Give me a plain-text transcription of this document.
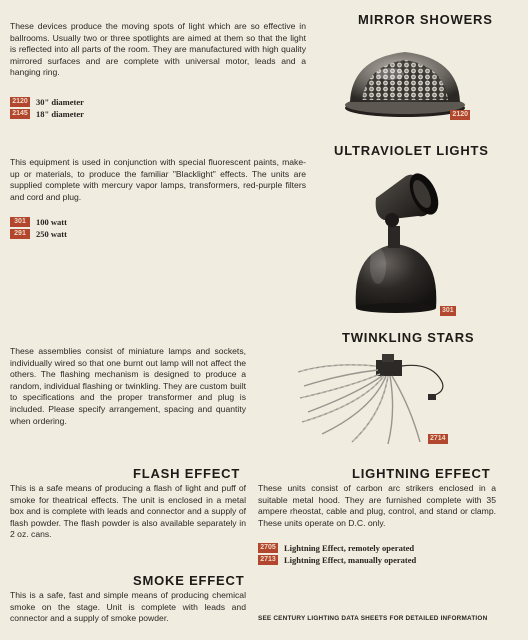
MIRROR SHOWERS

These devices produce the moving spots of light which are so effective in ballrooms. Usually two or three spotlights are aimed at them so that the light is reflected into all parts of the room. They are manufactured with high quality mirrored surfaces and are complete with universal motor, leads and a hanging ring.

2120 30" diameter
2145 18" diameter	2120
ULTRAVIOLET LIGHTS

This equipment is used in conjunction with special fluorescent paints, make-up or materials, to produce the familiar "Blacklight" effects. The units are supplied complete with mercury vapor lamps, transformers, red-purple filters and cord and plug.

301	100 watt
291	250 watt
301
TWINKLING STARS

These assemblies consist of miniature lamps and sockets, individually wired so that one burnt out lamp will not affect the others. The flashing mechanism is designed to produce a random, individual flashing or twinkling. They are custom built to specifications and the proper transformer and plug is included. Please specify arrangement, spacing and quantity when ordering.

2714
FLASH EFFECT

This is a safe means of producing a flash of light and puff of smoke for theatrical effects. The unit is enclosed in a metal box and is complete with leads and connector and a supply of flash powder. The flash powder is also available separately in 2 oz. cans.

LIGHTNING EFFECT

These units consist of carbon arc strikers enclosed in a suitable metal hood. They are furnished complete with 35 ampere rheostat, cable and plug, control, and stand or clamp. These units operate on D.C. only.

2705 Lightning Effect, remotely operated
2713 Lightning Effect, manually operated
SMOKE EFFECT

This is a safe, fast and simple means of producing chemical smoke on the stage. Unit is complete with leads and connector and a supply of smoke powder.	SEE CENTURY LIGHTING DATA SHEETS FOR DETAILED INFORMATION
